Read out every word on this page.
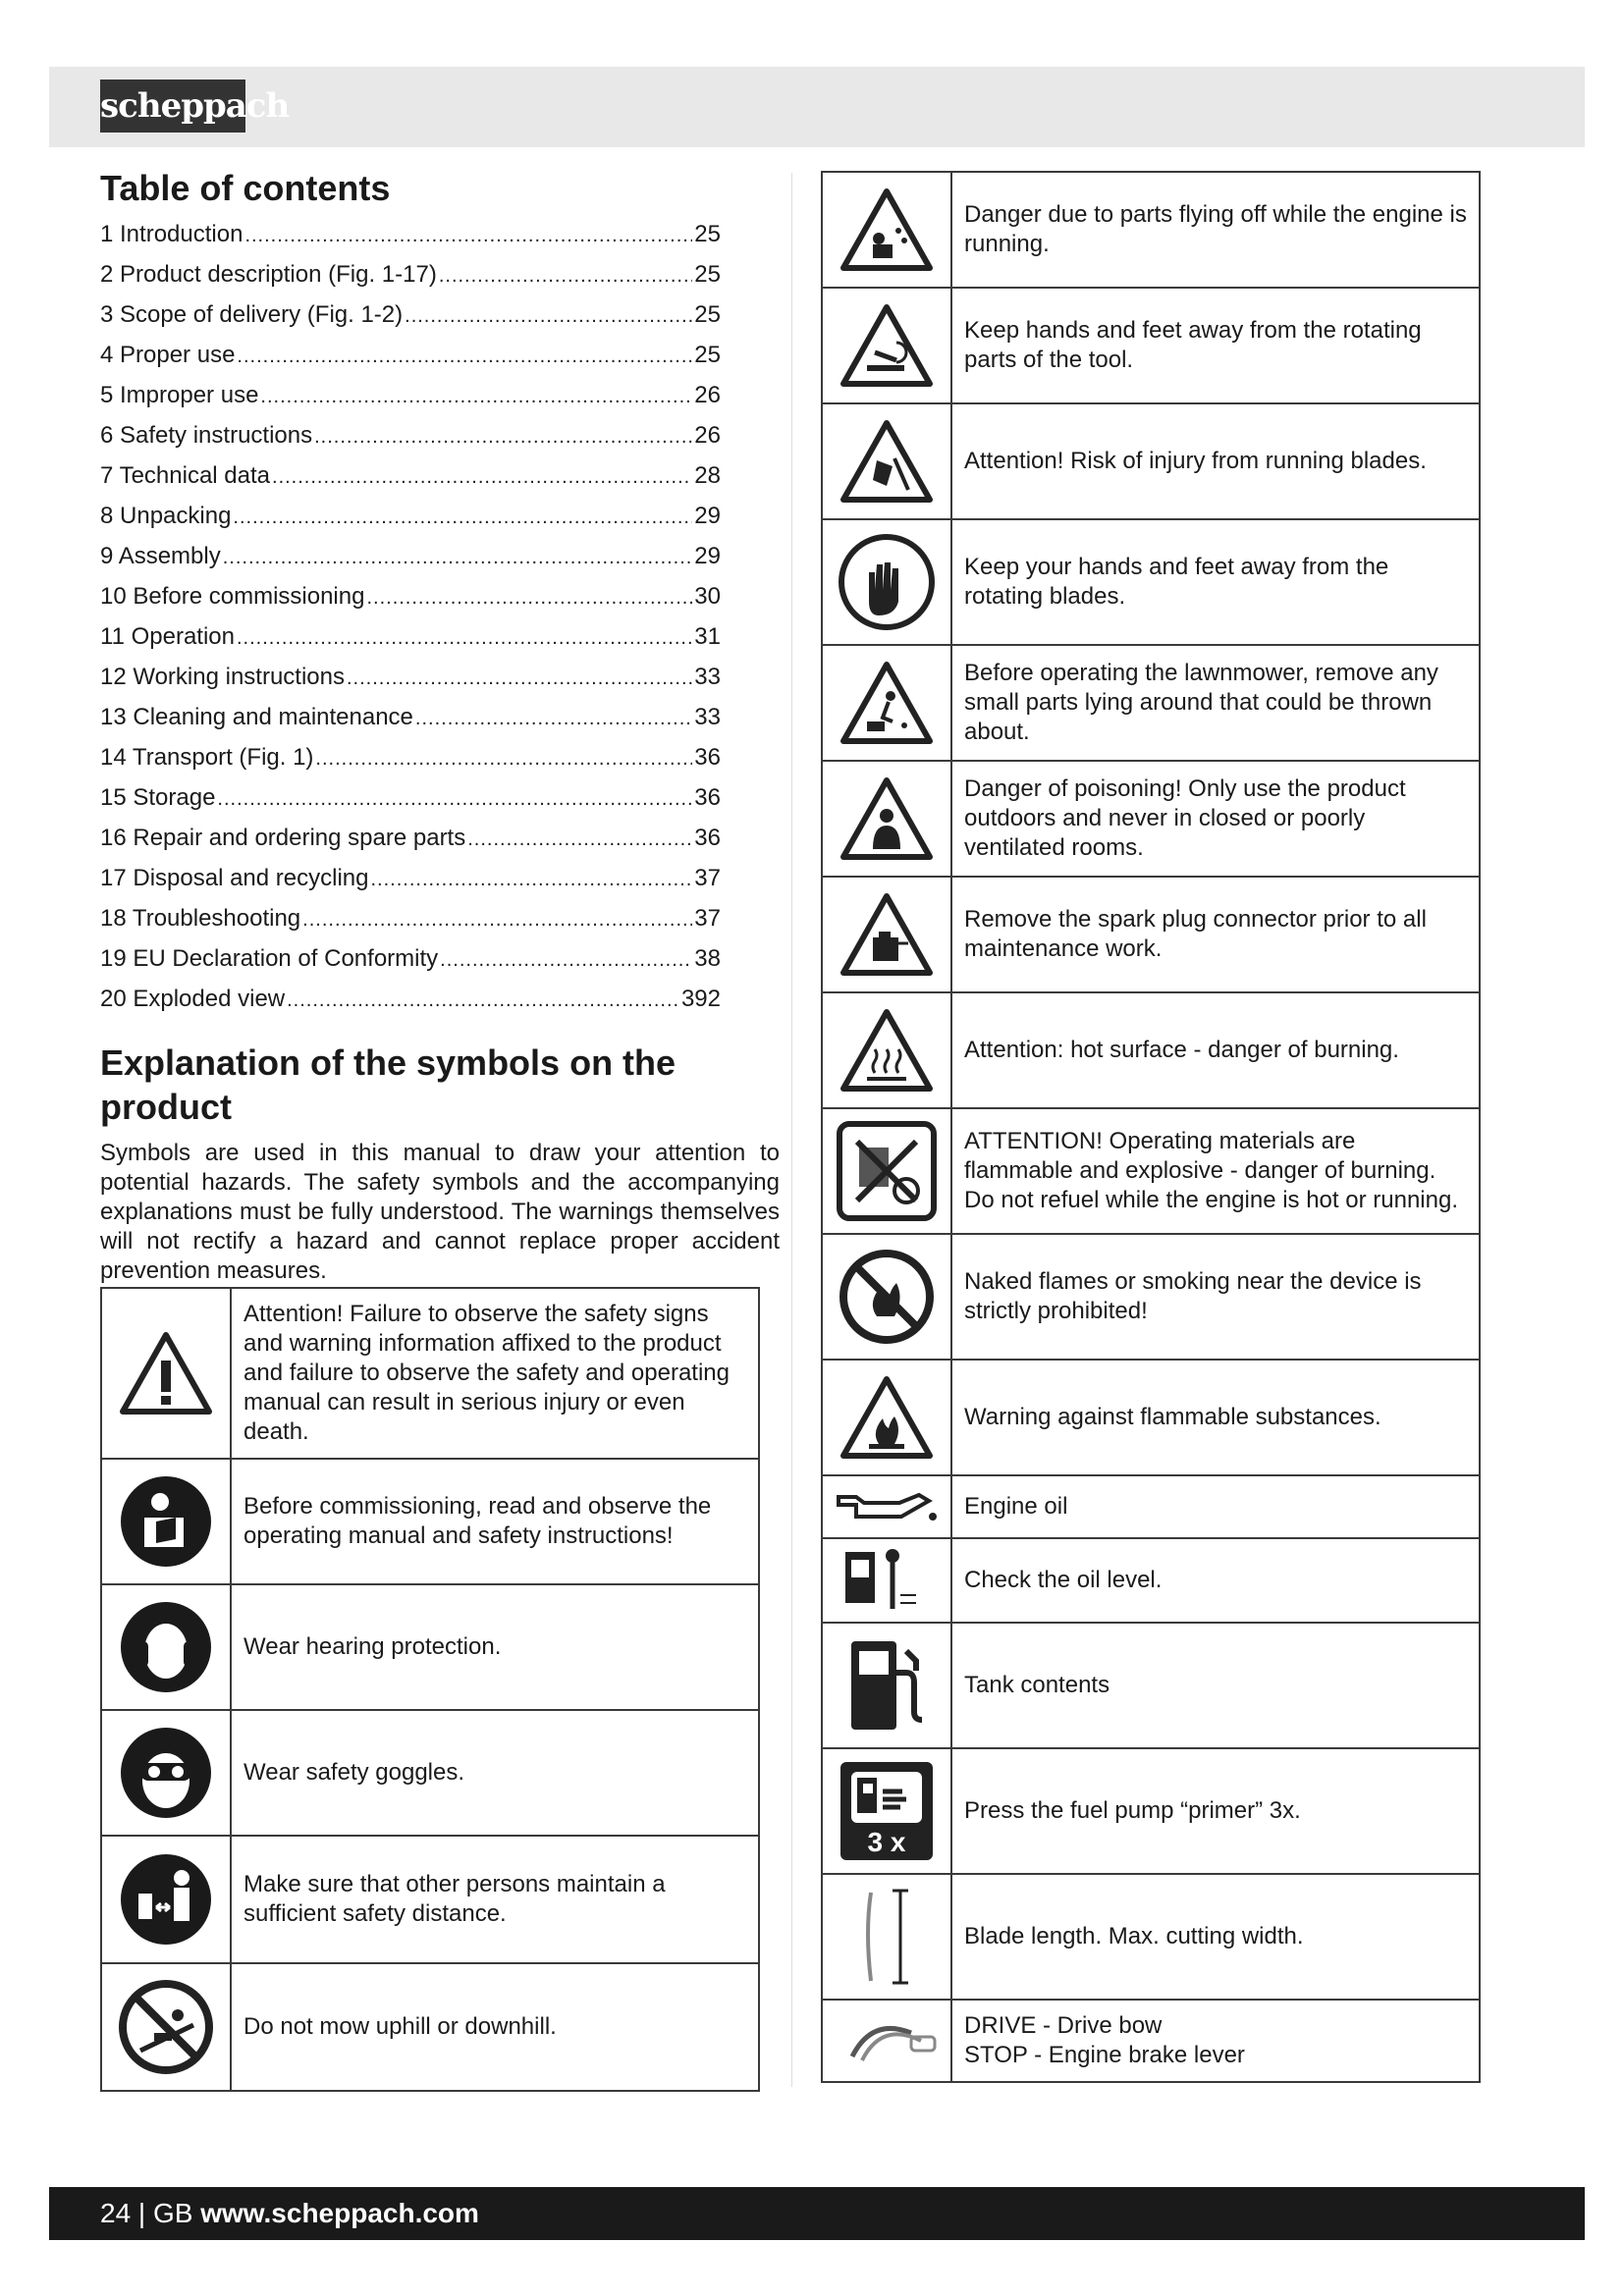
scheppach
Table of contents
1 Introduction .....	25
2 Product description (Fig. 1-17) .....	25
3 Scope of delivery (Fig. 1-2) .....	25
4 Proper use .....	25
5 Improper use .....	26
6 Safety instructions .....	26
7 Technical data .....	28
8 Unpacking .....	29
9 Assembly .....	29
10 Before commissioning .....	30
11 Operation .....	31
12 Working instructions .....	33
13 Cleaning and maintenance .....	33
14 Transport (Fig. 1) .....	36
15 Storage .....	36
16 Repair and ordering spare parts .....	36
17 Disposal and recycling .....	37
18 Troubleshooting .....	37
19 EU Declaration of Conformity .....	38
20 Exploded view .....	392
Explanation of the symbols on the product

Symbols are used in this manual to draw your attention to potential hazards. The safety symbols and the accompanying explanations must be fully understood. The warnings themselves will not rectify a hazard and cannot replace proper accident prevention measures.

Attention! Failure to observe the safety signs and warning information affixed to the product and failure to observe the safety and operating manual can result in serious injury or even death.

Before commissioning, read and observe the operating manual and safety instructions!

Wear hearing protection.

Wear safety goggles.

Make sure that other persons maintain a sufficient safety distance.

Do not mow uphill or downhill.

Danger due to parts flying off while the engine is running.

Keep hands and feet away from the rotating parts of the tool.

Attention! Risk of injury from running blades.

Keep your hands and feet away from the rotating blades.

Before operating the lawnmower, remove any small parts lying around that could be thrown about.

Danger of poisoning! Only use the product outdoors and never in closed or poorly ventilated rooms.

Remove the spark plug connector prior to all maintenance work.

Attention: hot surface - danger of burning.

ATTENTION! Operating materials are flammable and explosive - danger of burning. Do not refuel while the engine is hot or running.

Naked flames or smoking near the device is strictly prohibited!

Warning against flammable substances.

Engine oil

Check the oil level.

Tank contents

3 x	Press the fuel pump “primer” 3x.

Blade length. Max. cutting width.

DRIVE - Drive bow
STOP - Engine brake lever
24 | GB www.scheppach.com
